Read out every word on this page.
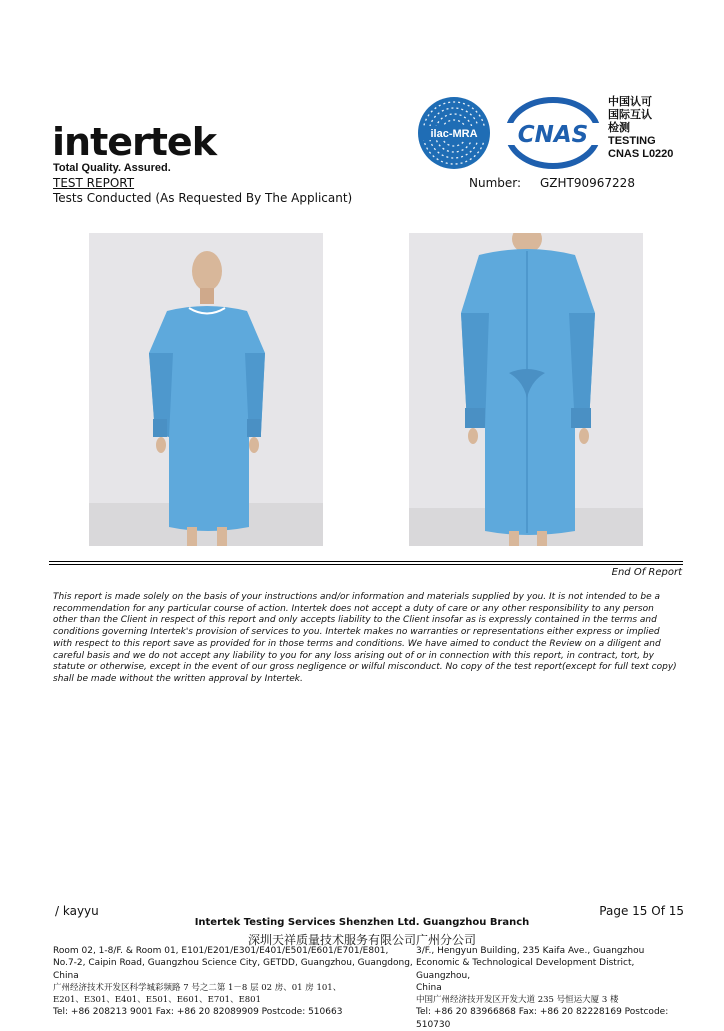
intertek
Total Quality. Assured.
TEST REPORT
Tests Conducted (As Requested By The Applicant)
Number: GZHT90967228
ilac-MRA CNAS
中国认可
国际互认
检测
TESTING
CNAS L0220
End Of Report

This report is made solely on the basis of your instructions and/or information and materials supplied by you. It is not intended to be a recommendation for any particular course of action. Intertek does not accept a duty of care or any other responsibility to any person other than the Client in respect of this report and only accepts liability to the Client insofar as is expressly contained in the terms and conditions governing Intertek's provision of services to you. Intertek makes no warranties or representations either express or implied with respect to this report save as provided for in those terms and conditions. We have aimed to conduct the Review on a diligent and careful basis and we do not accept any liability to you for any loss arising out of or in connection with this report, in contract, tort, by statute or otherwise, except in the event of our gross negligence or wilful misconduct. No copy of the test report(except for full text copy) shall be made without the written approval by Intertek.

/ kayyu	Page 15 Of 15
Intertek Testing Services Shenzhen Ltd. Guangzhou Branch
深圳天祥质量技术服务有限公司广州分公司
Room 02, 1-8/F. & Room 01, E101/E201/E301/E401/E501/E601/E701/E801,
No.7-2, Caipin Road, Guangzhou Science City, GETDD, Guangzhou, Guangdong, China
广州经济技术开发区科学城彩频路 7 号之二第 1－8 层 02 房、01 房 101、
E201、E301、E401、E501、E601、E701、E801
Tel: +86 208213 9001 Fax: +86 20 82089909 Postcode: 510663
3/F., Hengyun Building, 235 Kaifa Ave., Guangzhou
Economic & Technological Development District, Guangzhou,
China
中国广州经济技开发区开发大道 235 号恒运大厦 3 楼
Tel: +86 20 83966868 Fax: +86 20 82228169 Postcode: 510730
